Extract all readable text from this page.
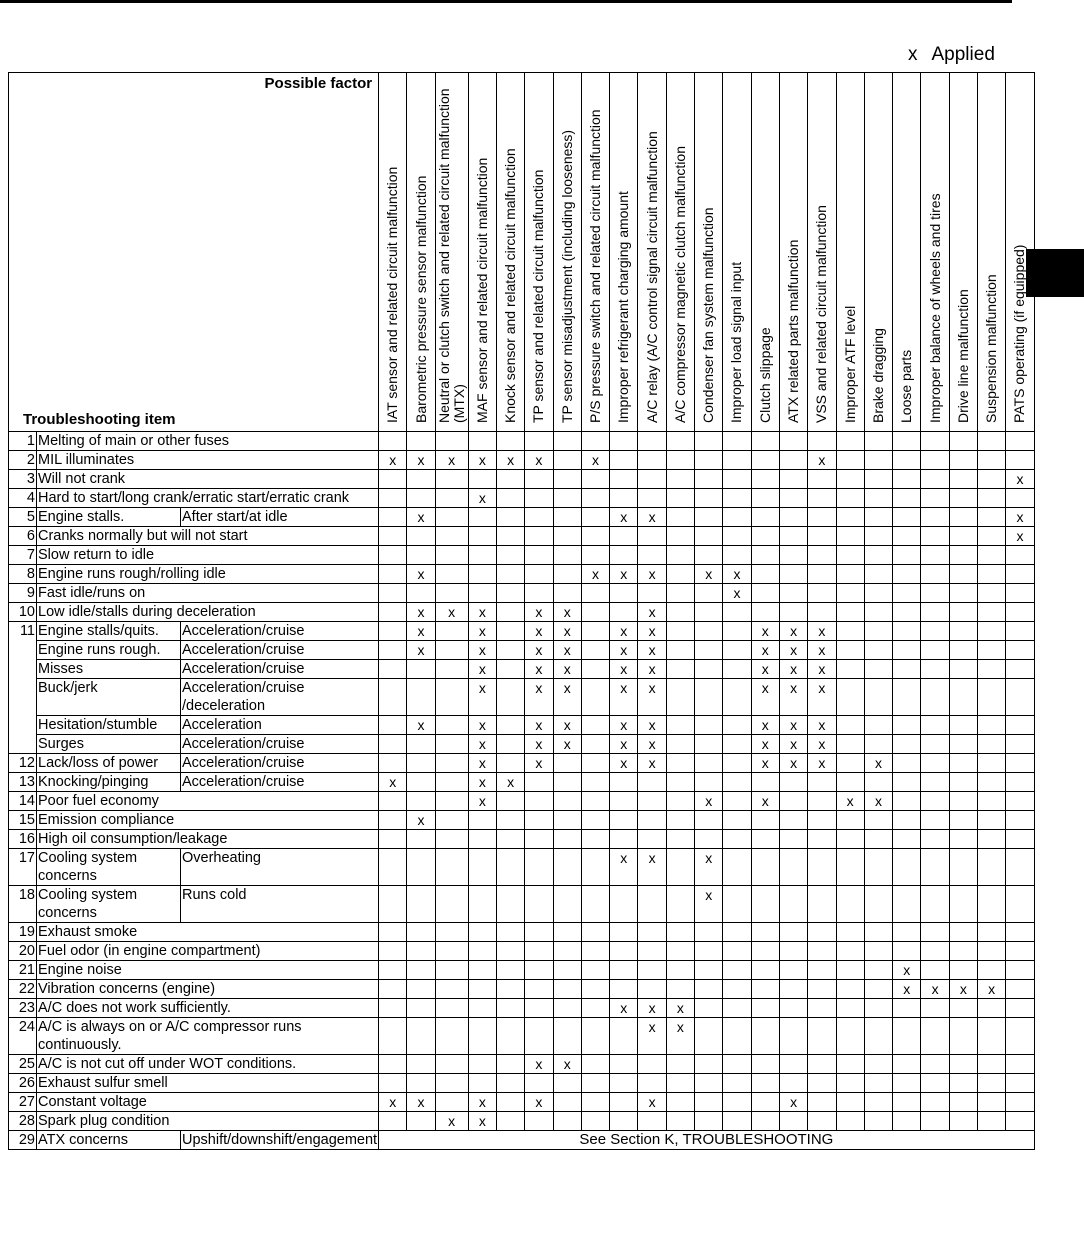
x Applied
Possible factor
Troubleshooting item			IAT sensor and related circuit malfunction	Barometric pressure sensor malfunction	Neutral or clutch switch and related circuit malfunction (MTX)	MAF sensor and related circuit malfunction	Knock sensor and related circuit malfunction	TP sensor and related circuit malfunction	TP sensor misadjustment (including looseness)	P/S pressure switch and related circuit malfunction	Improper refrigerant charging amount	A/C relay (A/C control signal circuit malfunction	A/C compressor magnetic clutch malfunction	Condenser fan system malfunction	Improper load signal input	Clutch slippage	ATX related parts malfunction	VSS and related circuit malfunction	Improper ATF level	Brake dragging	Loose parts	Improper balance of wheels and tires	Drive line malfunction	Suspension malfunction	PATS operating (if equipped)

1	Melting of main or other fuses																								
2	MIL illuminates		x	x	x	x	x	x		x								x							
3	Will not crank																								x
4	Hard to start/long crank/erratic start/erratic crank					x																			
5	Engine stalls.	After start/at idle		x							x	x													x
6	Cranks normally but will not start																								x
7	Slow return to idle																								
8	Engine runs rough/rolling idle			x						x	x	x		x	x										
9	Fast idle/runs on														x										
10	Low idle/stalls during deceleration			x	x	x		x	x			x													
11	Engine stalls/quits.	Acceleration/cruise		x		x		x	x		x	x				x	x	x							
	Engine runs rough.	Acceleration/cruise		x		x		x	x		x	x				x	x	x							
	Misses	Acceleration/cruise				x		x	x		x	x				x	x	x							
	Buck/jerk	Acceleration/cruise /deceleration				x		x	x		x	x				x	x	x							
	Hesitation/stumble	Acceleration		x		x		x	x		x	x				x	x	x							
	Surges	Acceleration/cruise				x		x	x		x	x				x	x	x							
12	Lack/loss of power	Acceleration/cruise				x		x			x	x				x	x	x		x					
13	Knocking/pinging	Acceleration/cruise	x			x	x																		
14	Poor fuel economy					x								x		x			x	x					
15	Emission compliance			x																					
16	High oil consumption/leakage																								
17	Cooling system concerns	Overheating									x	x		x											
18	Cooling system concerns	Runs cold												x											
19	Exhaust smoke																								
20	Fuel odor (in engine compartment)																								
21	Engine noise																				x				
22	Vibration concerns (engine)																				x	x	x	x	
23	A/C does not work sufficiently.										x	x	x												
24	A/C is always on or A/C compressor runs continuously.											x	x												
25	A/C is not cut off under WOT conditions.							x	x																
26	Exhaust sulfur smell																								
27	Constant voltage		x	x		x		x				x					x								
28	Spark plug condition				x	x																			
29	ATX concerns	Upshift/downshift/engagement	See Section K, TROUBLESHOOTING																						
